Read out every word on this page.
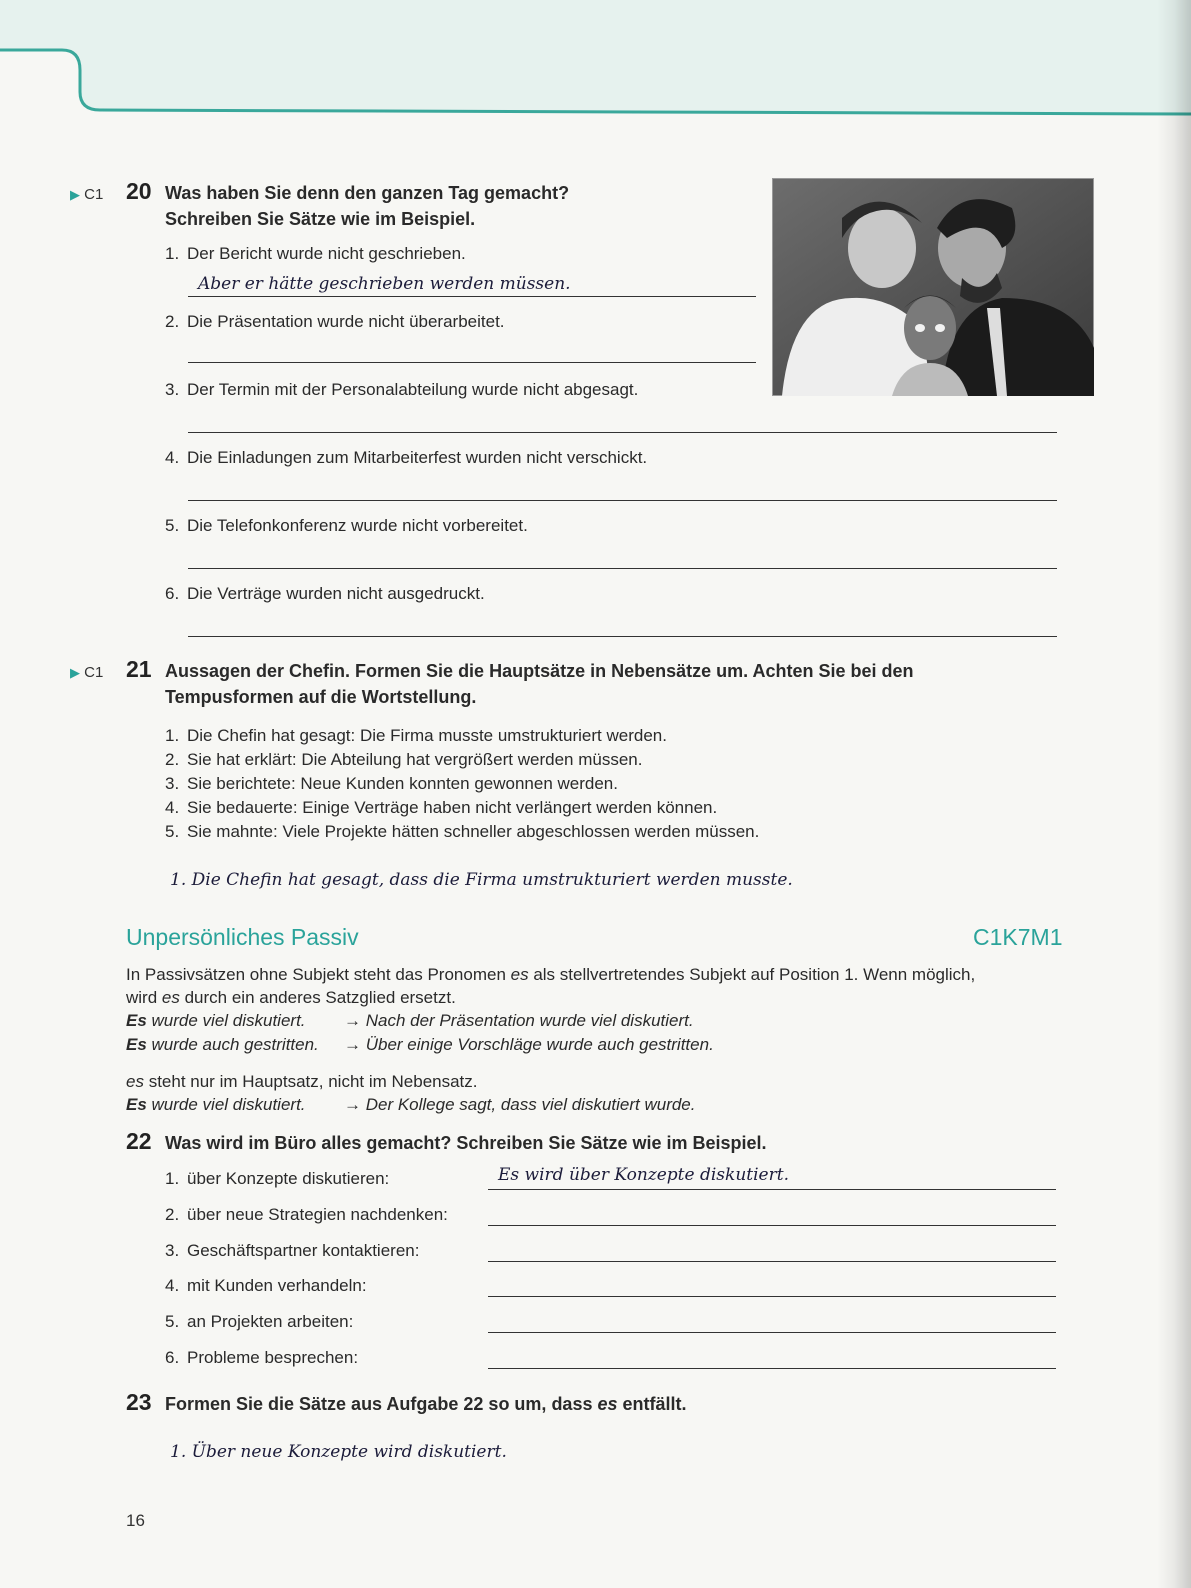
▶ C1 20 Was haben Sie denn den ganzen Tag gemacht?
Schreiben Sie Sätze wie im Beispiel.
1. Der Bericht wurde nicht geschrieben.
Aber er hätte geschrieben werden müssen.
2. Die Präsentation wurde nicht überarbeitet.
3. Der Termin mit der Personalabteilung wurde nicht abgesagt.
4. Die Einladungen zum Mitarbeiterfest wurden nicht verschickt.
5. Die Telefonkonferenz wurde nicht vorbereitet.
6. Die Verträge wurden nicht ausgedruckt.
▶ C1 21 Aussagen der Chefin. Formen Sie die Hauptsätze in Nebensätze um. Achten Sie bei den
Tempusformen auf die Wortstellung.
1. Die Chefin hat gesagt: Die Firma musste umstrukturiert werden.
2. Sie hat erklärt: Die Abteilung hat vergrößert werden müssen.
3. Sie berichtete: Neue Kunden konnten gewonnen werden.
4. Sie bedauerte: Einige Verträge haben nicht verlängert werden können.
5. Sie mahnte: Viele Projekte hätten schneller abgeschlossen werden müssen.
1. Die Chefin hat gesagt, dass die Firma umstrukturiert werden musste.
Unpersönliches Passiv	C1K7M1
In Passivsätzen ohne Subjekt steht das Pronomen es als stellvertretendes Subjekt auf Position 1. Wenn möglich,
wird es durch ein anderes Satzglied ersetzt.
Es wurde viel diskutiert. → Nach der Präsentation wurde viel diskutiert.
Es wurde auch gestritten. → Über einige Vorschläge wurde auch gestritten.
es steht nur im Hauptsatz, nicht im Nebensatz.
Es wurde viel diskutiert. → Der Kollege sagt, dass viel diskutiert wurde.
22 Was wird im Büro alles gemacht? Schreiben Sie Sätze wie im Beispiel.
1. über Konzepte diskutieren:	Es wird über Konzepte diskutiert.
2. über neue Strategien nachdenken:
3. Geschäftspartner kontaktieren:
4. mit Kunden verhandeln:
5. an Projekten arbeiten:
6. Probleme besprechen:
23 Formen Sie die Sätze aus Aufgabe 22 so um, dass es entfällt.
1. Über neue Konzepte wird diskutiert.
16
